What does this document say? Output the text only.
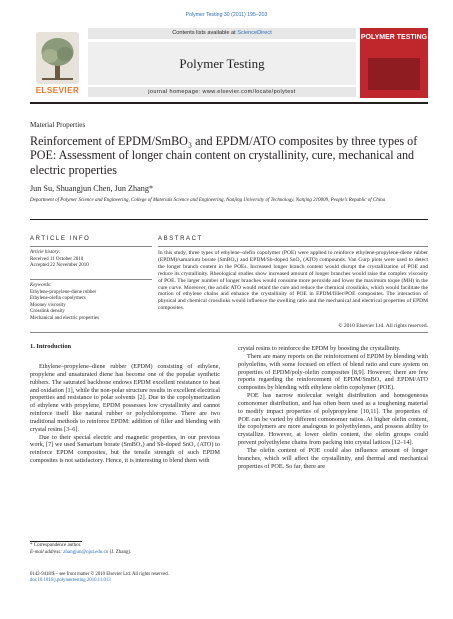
Polymer Testing 30 (2011) 195–203
ELSEVIER
Contents lists available at ScienceDirect
Polymer Testing
journal homepage: www.elsevier.com/locate/polytest
POLYMER TESTING
Material Properties
Reinforcement of EPDM/SmBO₃ and EPDM/ATO composites by three types of POE: Assessment of longer chain content on crystallinity, cure, mechanical and electric properties
Jun Su, Shuangjun Chen, Jun Zhang*
Department of Polymer Science and Engineering, College of Materials Science and Engineering, Nanjing University of Technology, Nanjing 210009, People’s Republic of China
ARTICLE INFO	ABSTRACT
Article history:
Received 11 October 2010
Accepted 22 November 2010
Keywords:
Ethylene-propylene-diene rubber
Ethylene-olefin copolymers
Mooney viscosity
Crosslink density
Mechanical and electric properties
In this study, three types of ethylene–olefin copolymer (POE) were applied to reinforce ethylene-propylene-diene rubber (EPDM)/samarium borate (SmBO₃) and EPDM/Sb-doped SnO₂ (ATO) compounds. Van Gurp plots were used to detect the longer branch content in the POEs. Increased longer branch content would disrupt the crystallization of POE and reduce its crystallinity. Rheological studies show increased amount of longer branches would raise the complex viscosity of POE. The larger number of longer branches would consume more peroxide and lower the maximum toque (MH) in the cure curve. Moreover, the acidic ATO would retard the cure and reduce the chemical crosslinks, which would facilitate the motion of ethylene chains and enhance the crystallinity of POE in EPDM/filler/POE composites. The interaction of physical and chemical crosslinks would influence the swelling ratio and the mechanical and electrical properties of EPDM composites.
© 2010 Elsevier Ltd. All rights reserved.
1. Introduction

Ethylene–propylene–diene rubber (EPDM) consisting of ethylene, propylene and unsaturated diene has become one of the popular synthetic rubbers. The saturated backbone endows EPDM excellent resistance to heat and oxidation [1], while the non-polar structure results in excellent electrical properties and resistance to polar solvents [2]. Due to the copolymerization of ethylene with propylene, EPDM possesses low crystallinity and cannot reinforce itself like natural rubber or polychloroprene. There are two traditional methods to reinforce EPDM: addition of filler and blending with crystal resins [3–6].

Due to their special electric and magnetic properties, in our previous work, [7] we used Samarium borate (SmBO₃) and Sb-doped SnO₂ (ATO) to reinforce EPDM composites, but the tensile strength of such EPDM composites is not satisfactory. Hence, it is interesting to blend them with

crystal resins to reinforce the EPDM by boosting the crystallinity.

There are many reports on the reinforcement of EPDM by blending with polyolefins, with some focused on effect of blend ratio and cure system on properties of EPDM/poly-olefin composites [8,9]. However, there are few reports regarding the reinforcement of EPDM/SmBO₃ and EPDM/ATO composites by blending with ethylene olefin copolymer (POE).

POE has narrow molecular weight distribution and homogeneous comonomer distribution, and has often been used as a toughening material to modify impact properties of polypropylene [10,11]. The properties of POE can be varied by different comonomer ratios. At higher olefin content, the copolymers are more analogous to polyethylenes, and possess ability to crystallize. However, at lower olefin content, the olefin groups could prevent polyethylene chains from packing into crystal lattices [12–14].

The olefin content of POE could also influence amount of longer branches, which will affect the crystallinity, and thermal and mechanical properties of POE. So far, there are

* Correspondence author.
E-mail address: zhangjun@njut.edu.cn (J. Zhang).
0142-9418/$ – see front matter © 2010 Elsevier Ltd. All rights reserved.
doi:10.1016/j.polymertesting.2010.11.013
